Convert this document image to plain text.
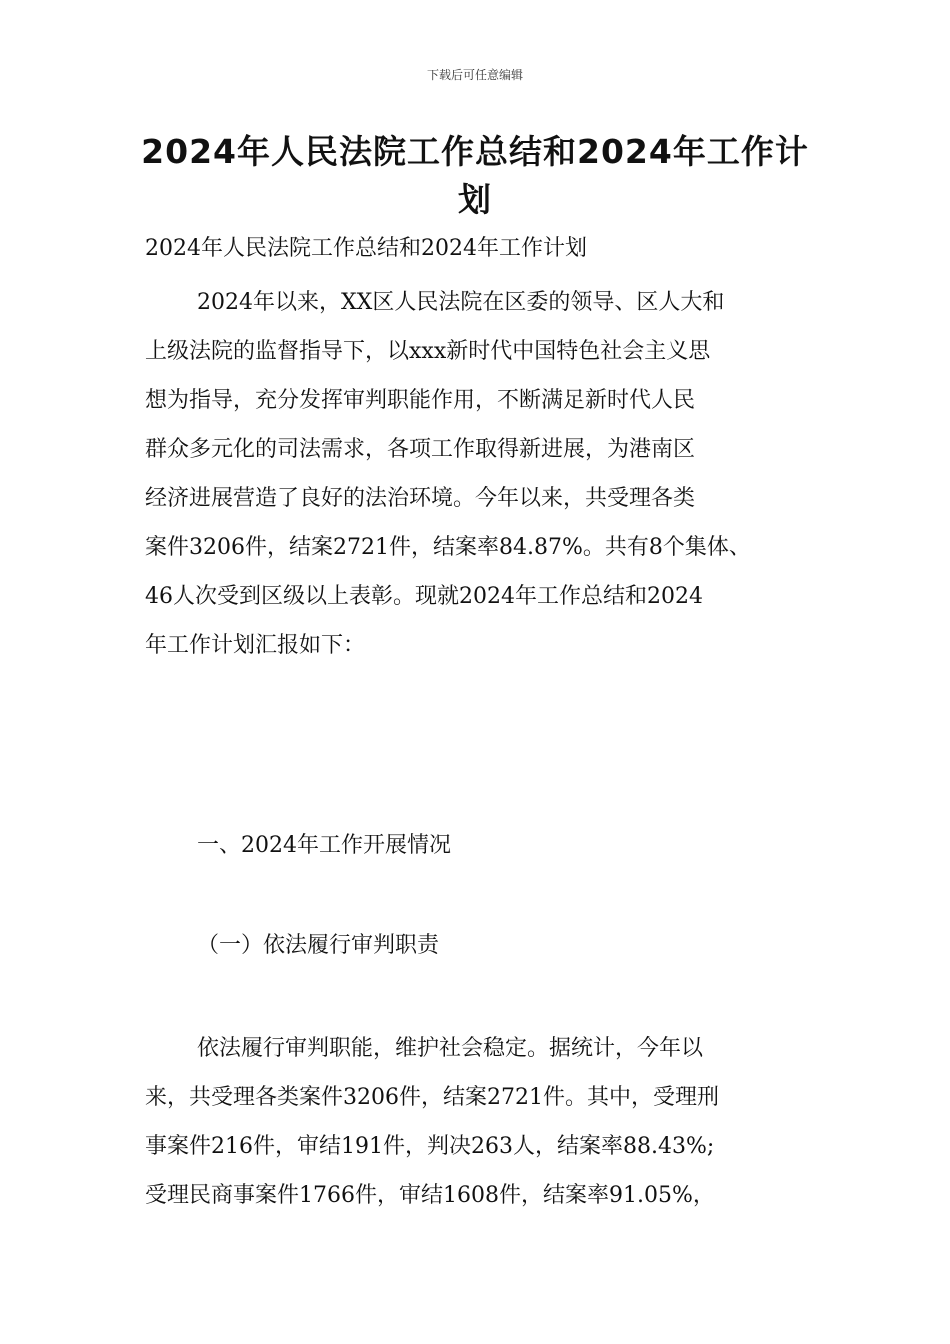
下载后可任意编辑
2024年人民法院工作总结和2024年工作计
划
2024年人民法院工作总结和2024年工作计划
2024年以来，XX区人民法院在区委的领导、区人大和
上级法院的监督指导下，以xxx新时代中国特色社会主义思
想为指导，充分发挥审判职能作用，不断满足新时代人民
群众多元化的司法需求，各项工作取得新进展，为港南区
经济进展营造了良好的法治环境。今年以来，共受理各类
案件3206件，结案2721件，结案率84.87%。共有8个集体、
46人次受到区级以上表彰。现就2024年工作总结和2024
年工作计划汇报如下：
一、2024年工作开展情况
（一）依法履行审判职责
依法履行审判职能，维护社会稳定。据统计，今年以
来，共受理各类案件3206件，结案2721件。其中，受理刑
事案件216件，审结191件，判决263人，结案率88.43%;
受理民商事案件1766件，审结1608件，结案率91.05%，
